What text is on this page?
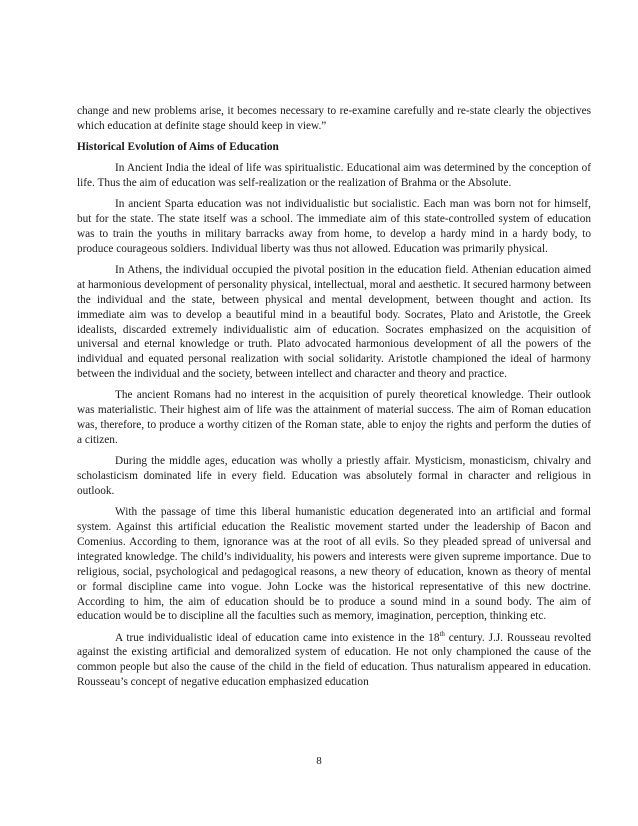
change and new problems arise, it becomes necessary to re-examine carefully and re-state clearly the objectives which education at definite stage should keep in view.”

Historical Evolution of Aims of Education

In Ancient India the ideal of life was spiritualistic. Educational aim was determined by the conception of life. Thus the aim of education was self-realization or the realization of Brahma or the Absolute.

In ancient Sparta education was not individualistic but socialistic. Each man was born not for himself, but for the state. The state itself was a school. The immediate aim of this state-controlled system of education was to train the youths in military barracks away from home, to develop a hardy mind in a hardy body, to produce courageous soldiers. Individual liberty was thus not allowed. Education was primarily physical.

In Athens, the individual occupied the pivotal position in the education field. Athenian education aimed at harmonious development of personality physical, intellectual, moral and aesthetic. It secured harmony between the individual and the state, between physical and mental development, between thought and action. Its immediate aim was to develop a beautiful mind in a beautiful body. Socrates, Plato and Aristotle, the Greek idealists, discarded extremely individualistic aim of education. Socrates emphasized on the acquisition of universal and eternal knowledge or truth. Plato advocated harmonious development of all the powers of the individual and equated personal realization with social solidarity. Aristotle championed the ideal of harmony between the individual and the society, between intellect and character and theory and practice.

The ancient Romans had no interest in the acquisition of purely theoretical knowledge. Their outlook was materialistic. Their highest aim of life was the attainment of material success. The aim of Roman education was, therefore, to produce a worthy citizen of the Roman state, able to enjoy the rights and perform the duties of a citizen.

During the middle ages, education was wholly a priestly affair. Mysticism, monasticism, chivalry and scholasticism dominated life in every field. Education was absolutely formal in character and religious in outlook.

With the passage of time this liberal humanistic education degenerated into an artificial and formal system. Against this artificial education the Realistic movement started under the leadership of Bacon and Comenius. According to them, ignorance was at the root of all evils. So they pleaded spread of universal and integrated knowledge. The child’s individuality, his powers and interests were given supreme importance. Due to religious, social, psychological and pedagogical reasons, a new theory of education, known as theory of mental or formal discipline came into vogue. John Locke was the historical representative of this new doctrine. According to him, the aim of education should be to produce a sound mind in a sound body. The aim of education would be to discipline all the faculties such as memory, imagination, perception, thinking etc.

A true individualistic ideal of education came into existence in the 18th century. J.J. Rousseau revolted against the existing artificial and demoralized system of education. He not only championed the cause of the common people but also the cause of the child in the field of education. Thus naturalism appeared in education. Rousseau’s concept of negative education emphasized education

8
